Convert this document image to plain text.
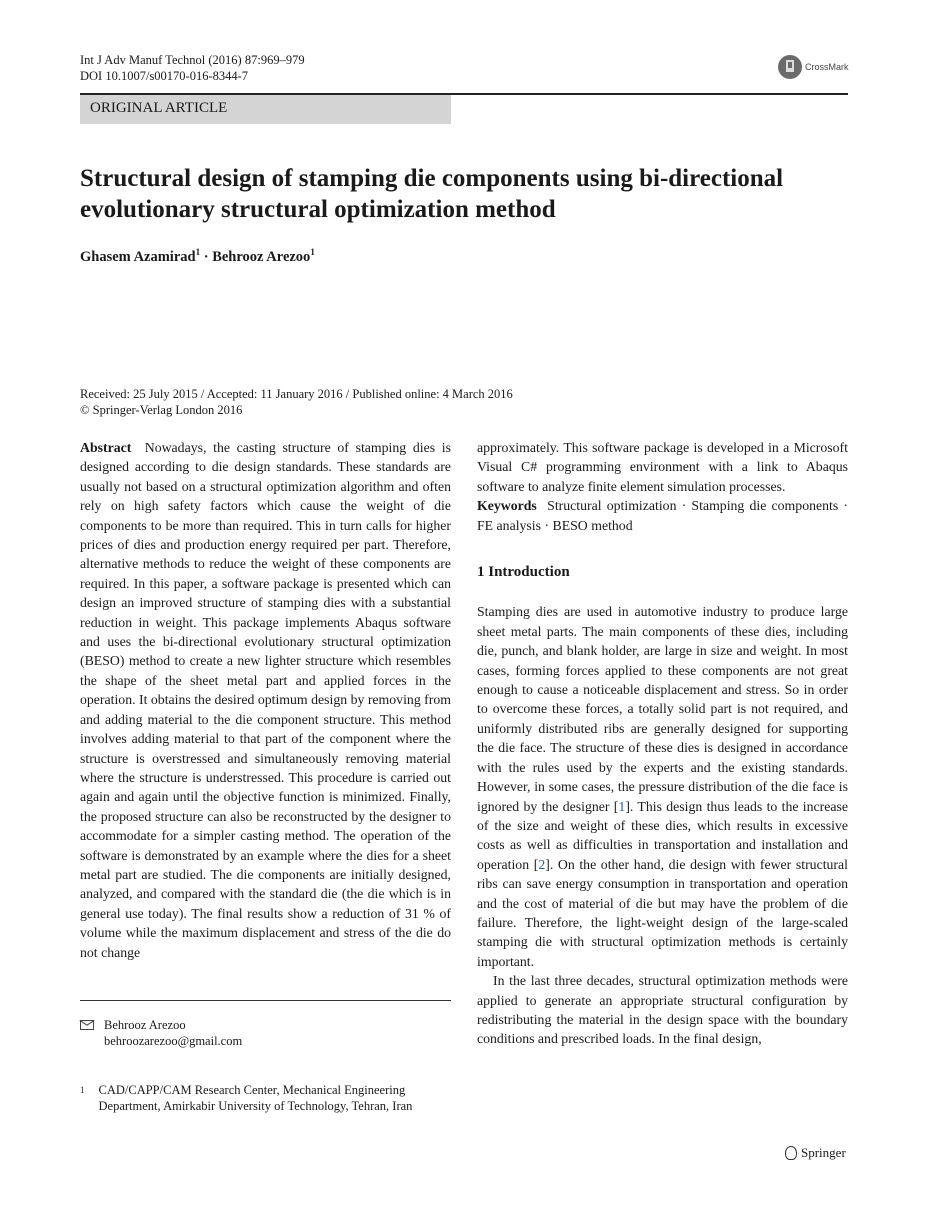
Int J Adv Manuf Technol (2016) 87:969–979
DOI 10.1007/s00170-016-8344-7
CrossMark
ORIGINAL ARTICLE
Structural design of stamping die components using bi-directional evolutionary structural optimization method
Ghasem Azamirad$^1$ · Behrooz Arezoo$^1$
Received: 25 July 2015 / Accepted: 11 January 2016 / Published online: 4 March 2016
© Springer-Verlag London 2016

Abstract Nowadays, the casting structure of stamping dies is designed according to die design standards. These standards are usually not based on a structural optimization algorithm and often rely on high safety factors which cause the weight of die components to be more than required. This in turn calls for higher prices of dies and production energy required per part. Therefore, alternative methods to reduce the weight of these components are required. In this paper, a software package is presented which can design an improved structure of stamping dies with a substantial reduction in weight. This package implements Abaqus software and uses the bi-directional evolutionary structural optimization (BESO) method to create a new lighter structure which resembles the shape of the sheet metal part and applied forces in the operation. It obtains the desired optimum design by removing from and adding material to the die component structure. This method involves adding material to that part of the component where the structure is overstressed and simultaneously removing material where the structure is understressed. This procedure is carried out again and again until the objective function is minimized. Finally, the proposed structure can also be reconstructed by the designer to accommodate for a simpler casting method. The operation of the software is demonstrated by an example where the dies for a sheet metal part are studied. The die components are initially designed, analyzed, and compared with the standard die (the die which is in general use today). The final results show a reduction of 31 % of volume while the maximum displacement and stress of the die do not change

approximately. This software package is developed in a Microsoft Visual C# programming environment with a link to Abaqus software to analyze finite element simulation processes.

Keywords Structural optimization · Stamping die components · FE analysis · BESO method

1 Introduction

Stamping dies are used in automotive industry to produce large sheet metal parts. The main components of these dies, including die, punch, and blank holder, are large in size and weight. In most cases, forming forces applied to these components are not great enough to cause a noticeable displacement and stress. So in order to overcome these forces, a totally solid part is not required, and uniformly distributed ribs are generally designed for supporting the die face. The structure of these dies is designed in accordance with the rules used by the experts and the existing standards. However, in some cases, the pressure distribution of the die face is ignored by the designer [1]. This design thus leads to the increase of the size and weight of these dies, which results in excessive costs as well as difficulties in transportation and installation and operation [2]. On the other hand, die design with fewer structural ribs can save energy consumption in transportation and operation and the cost of material of die but may have the problem of die failure. Therefore, the light-weight design of the large-scaled stamping die with structural optimization methods is certainly important.

In the last three decades, structural optimization methods were applied to generate an appropriate structural configuration by redistributing the material in the design space with the boundary conditions and prescribed loads. In the final design,

Behrooz Arezoo
behroozarezoo@gmail.com
1 CAD/CAPP/CAM Research Center, Mechanical Engineering Department, Amirkabir University of Technology, Tehran, Iran
Springer
